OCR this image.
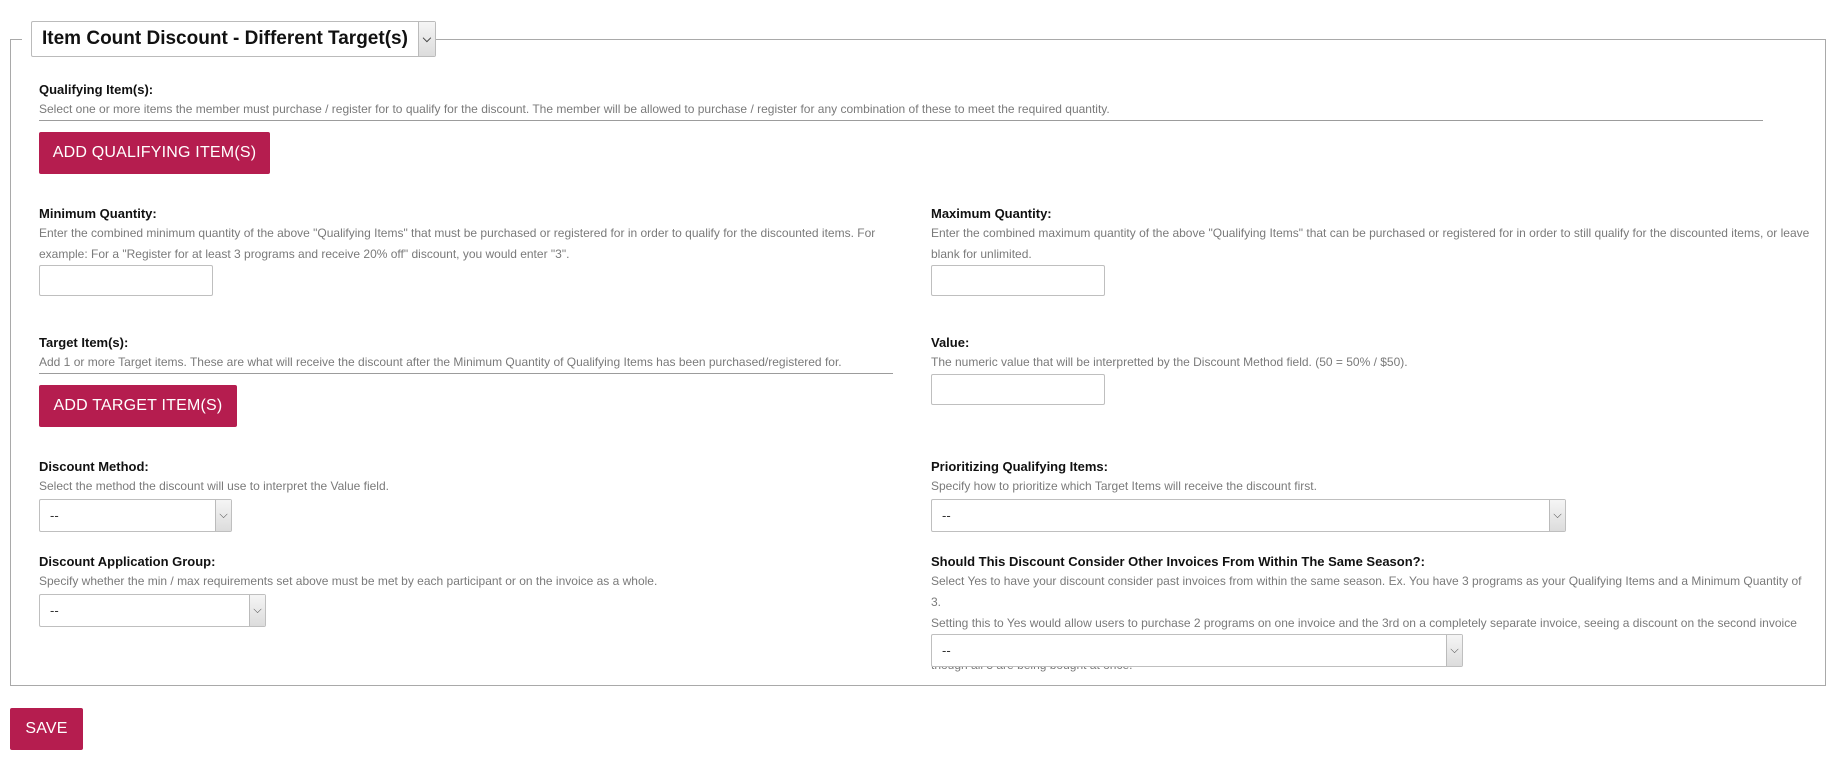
Item Count Discount - Different Target(s)	⌵
Qualifying Item(s):
Select one or more items the member must purchase / register for to qualify for the discount. The member will be allowed to purchase / register for any combination of these to meet the required quantity.
ADD QUALIFYING ITEM(S)
Minimum Quantity:
Enter the combined minimum quantity of the above "Qualifying Items" that must be purchased or registered for in order to qualify for the discounted items. For
example: For a "Register for at least 3 programs and receive 20% off" discount, you would enter "3".
Maximum Quantity:
Enter the combined maximum quantity of the above "Qualifying Items" that can be purchased or registered for in order to still qualify for the discounted items, or leave
blank for unlimited.
Target Item(s):
Add 1 or more Target items. These are what will receive the discount after the Minimum Quantity of Qualifying Items has been purchased/registered for.
ADD TARGET ITEM(S)
Value:
The numeric value that will be interpretted by the Discount Method field. (50 = 50% / $50).
Discount Method:
Select the method the discount will use to interpret the Value field.
--	⌵
Prioritizing Qualifying Items:
Specify how to prioritize which Target Items will receive the discount first.
--	⌵
Discount Application Group:
Specify whether the min / max requirements set above must be met by each participant or on the invoice as a whole.
--	⌵
Should This Discount Consider Other Invoices From Within The Same Season?:
Select Yes to have your discount consider past invoices from within the same season. Ex. You have 3 programs as your Qualifying Items and a Minimum Quantity of 3.
Setting this to Yes would allow users to purchase 2 programs on one invoice and the 3rd on a completely separate invoice, seeing a discount on the second invoice
--	⌵
SAVE
